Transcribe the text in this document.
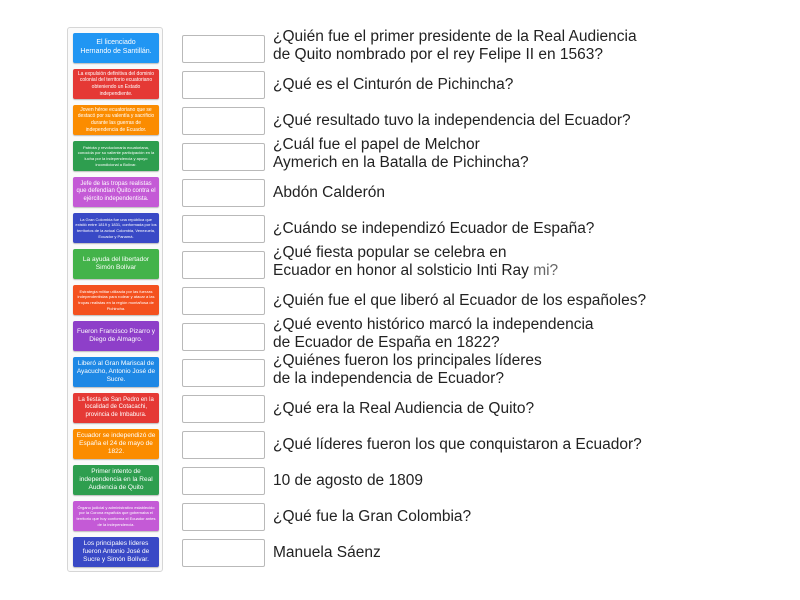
El licenciado
Hernando de Santillán.
La expulsión definitiva del dominio colonial del territorio ecuatoriano obteniendo un Estado independiente.
Joven héroe ecuatoriano que se destacó por su valentía y sacrificio durante las guerras de independencia de Ecuador.
Patriota y revolucionaria ecuatoriana, conocida por su valiente participación en la lucha por la independencia y apoyo incondicional a Bolívar.
Jefe de las tropas realistas que defendían Quito contra el ejército independentista.
La Gran Colombia fue una república que existió entre 1819 y 1831, conformada por los territorios de la actual Colombia, Venezuela, Ecuador y Panamá.
La ayuda del libertador
Simón Bolívar
Estrategia militar utilizada por las fuerzas independentistas para rodear y atacar a las tropas realistas en la región montañosa de Pichincha.
Fueron Francisco Pizarro y Diego de Almagro.
Liberó al Gran Mariscal de Ayacucho, Antonio José de Sucre.
La fiesta de San Pedro en la localidad de Cotacachi, provincia de Imbabura.
Ecuador se independizó de España el 24 de mayo de 1822.
Primer intento de independencia en la Real Audiencia de Quito
Órgano judicial y administrativo establecido por la Corona española que gobernaba el territorio que hoy conforma el Ecuador antes de la independencia.
Los principales líderes fueron Antonio José de Sucre y Simón Bolívar.
¿Quién fue el primer presidente de la Real Audiencia
de Quito nombrado por el rey Felipe II en 1563?
¿Qué es el Cinturón de Pichincha?
¿Qué resultado tuvo la independencia del Ecuador?
¿Cuál fue el papel de Melchor
Aymerich en la Batalla de Pichincha?
Abdón Calderón
¿Cuándo se independizó Ecuador de España?
¿Qué fiesta popular se celebra en
Ecuador en honor al solsticio Inti Ray mi?
¿Quién fue el que liberó al Ecuador de los españoles?
¿Qué evento histórico marcó la independencia
de Ecuador de España en 1822?
¿Quiénes fueron los principales líderes
de la independencia de Ecuador?
¿Qué era la Real Audiencia de Quito?
¿Qué líderes fueron los que conquistaron a Ecuador?
10 de agosto de 1809
¿Qué fue la Gran Colombia?
Manuela Sáenz
